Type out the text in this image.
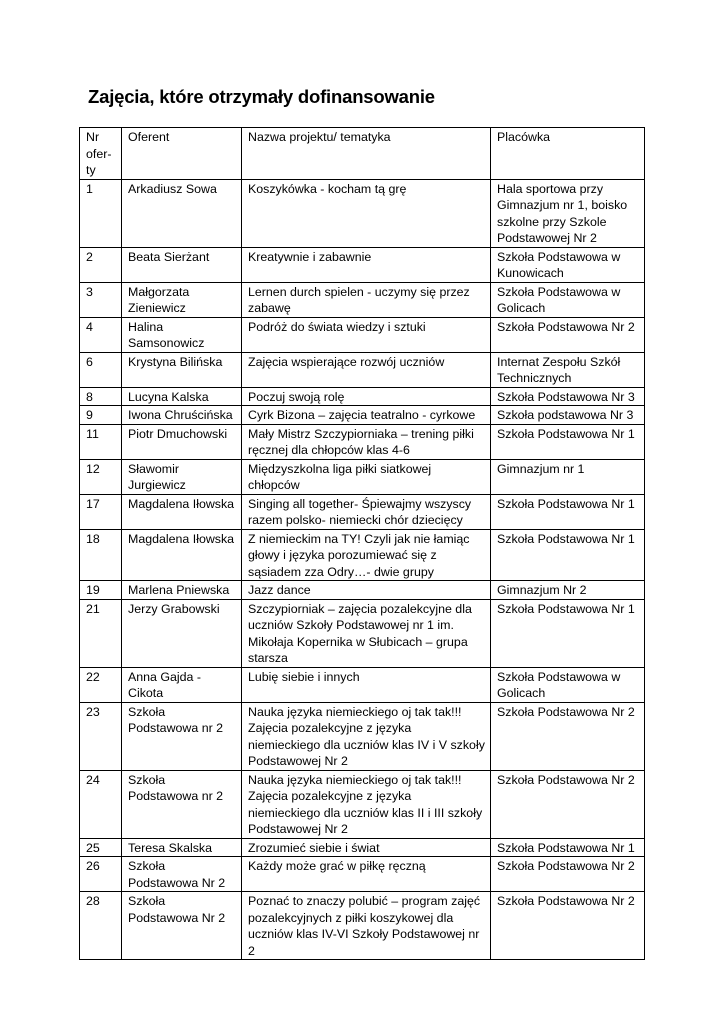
Zajęcia, które otrzymały dofinansowanie
Nr ofer-ty	Oferent	Nazwa projektu/ tematyka	Placówka
1	Arkadiusz Sowa	Koszykówka - kocham tą grę	Hala sportowa przy Gimnazjum nr 1, boisko szkolne przy Szkole Podstawowej Nr 2
2	Beata Sierżant	Kreatywnie i zabawnie	Szkoła Podstawowa w Kunowicach
3	Małgorzata Zieniewicz	Lernen durch spielen - uczymy się przez zabawę	Szkoła Podstawowa w Golicach
4	Halina Samsonowicz	Podróż do świata wiedzy i sztuki	Szkoła Podstawowa Nr 2
6	Krystyna Bilińska	Zajęcia wspierające rozwój uczniów	Internat Zespołu Szkół Technicznych
8	Lucyna Kalska	Poczuj swoją rolę	Szkoła Podstawowa Nr 3
9	Iwona Chruścińska	Cyrk Bizona – zajęcia teatralno - cyrkowe	Szkoła podstawowa Nr 3
11	Piotr Dmuchowski	Mały Mistrz Szczypiorniaka – trening piłki ręcznej dla chłopców klas 4-6	Szkoła Podstawowa Nr 1
12	Sławomir Jurgiewicz	Międzyszkolna liga piłki siatkowej chłopców	Gimnazjum nr 1
17	Magdalena Iłowska	Singing all together- Śpiewajmy wszyscy razem polsko- niemiecki chór dziecięcy	Szkoła Podstawowa Nr 1
18	Magdalena Iłowska	Z niemieckim na TY! Czyli jak nie łamiąc głowy i języka porozumiewać się z sąsiadem zza Odry…- dwie grupy	Szkoła Podstawowa Nr 1
19	Marlena Pniewska	Jazz dance	Gimnazjum Nr 2
21	Jerzy Grabowski	Szczypiorniak – zajęcia pozalekcyjne dla uczniów Szkoły Podstawowej nr 1 im. Mikołaja Kopernika w Słubicach – grupa starsza	Szkoła Podstawowa Nr 1
22	Anna Gajda - Cikota	Lubię siebie i innych	Szkoła Podstawowa w Golicach
23	Szkoła Podstawowa nr 2	Nauka języka niemieckiego oj tak tak!!! Zajęcia pozalekcyjne z języka niemieckiego dla uczniów klas IV i V szkoły Podstawowej Nr 2	Szkoła Podstawowa Nr 2
24	Szkoła Podstawowa nr 2	Nauka języka niemieckiego oj tak tak!!! Zajęcia pozalekcyjne z języka niemieckiego dla uczniów klas II i III szkoły Podstawowej Nr 2	Szkoła Podstawowa Nr 2
25	Teresa Skalska	Zrozumieć siebie i świat	Szkoła Podstawowa Nr 1
26	Szkoła Podstawowa Nr 2	Każdy może grać w piłkę ręczną	Szkoła Podstawowa Nr 2
28	Szkoła Podstawowa Nr 2	Poznać to znaczy polubić – program zajęć pozalekcyjnych z piłki koszykowej dla uczniów klas IV-VI Szkoły Podstawowej nr 2	Szkoła Podstawowa Nr 2
